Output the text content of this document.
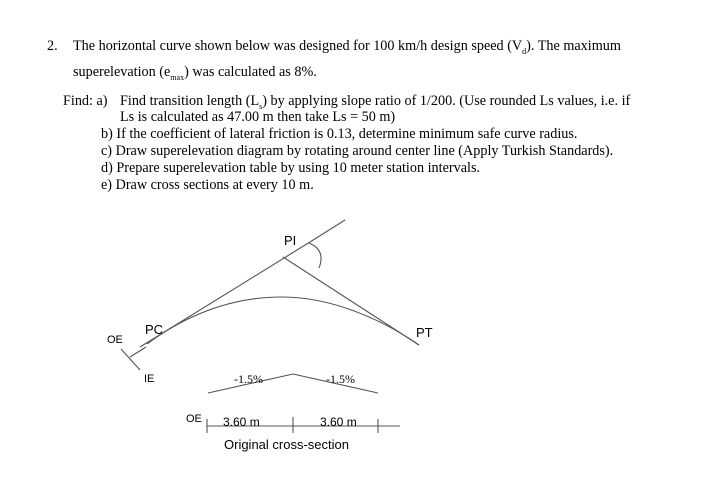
2. The horizontal curve shown below was designed for 100 km/h design speed $(V_d)$. The maximum
superelevation $(e_{max})$ was calculated as 8%.
Find: a) Find transition length $(L_s)$ by applying slope ratio of 1/200. (Use rounded Ls values, i.e. if
Ls is calculated as 47.00 m then take Ls = 50 m)
b) If the coefficient of lateral friction is 0.13, determine minimum safe curve radius.
c) Draw superelevation diagram by rotating around center line (Apply Turkish Standards).
d) Prepare superelevation table by using 10 meter station intervals.
e) Draw cross sections at every 10 m.
PI
PC	PT
OE
IE	-1.5%	-1.5%
OE 3.60 m	3.60 m
Original cross-section
